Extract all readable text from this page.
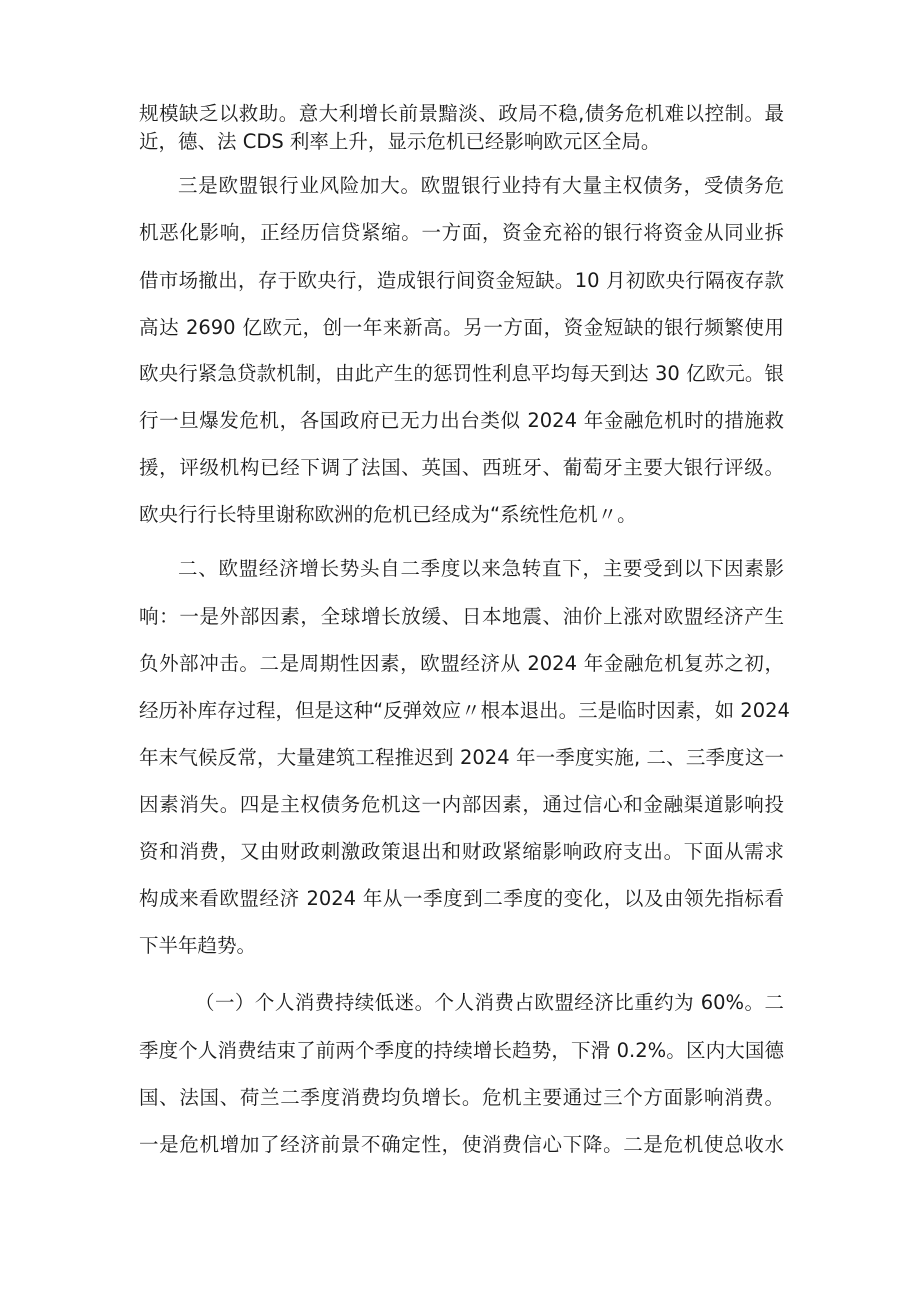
规模缺乏以救助。意大利增长前景黯淡、政局不稳,债务危机难以控制。最
近，德、法 CDS 利率上升，显示危机已经影响欧元区全局。
三是欧盟银行业风险加大。欧盟银行业持有大量主权债务，受债务危
机恶化影响，正经历信贷紧缩。一方面，资金充裕的银行将资金从同业拆
借市场撤出，存于欧央行，造成银行间资金短缺。10 月初欧央行隔夜存款
高达 2690 亿欧元，创一年来新高。另一方面，资金短缺的银行频繁使用
欧央行紧急贷款机制，由此产生的惩罚性利息平均每天到达 30 亿欧元。银
行一旦爆发危机，各国政府已无力出台类似 2024 年金融危机时的措施救
援，评级机构已经下调了法国、英国、西班牙、葡萄牙主要大银行评级。
欧央行行长特里谢称欧洲的危机已经成为“系统性危机〃。
二、欧盟经济增长势头自二季度以来急转直下，主要受到以下因素影
响：一是外部因素，全球增长放缓、日本地震、油价上涨对欧盟经济产生
负外部冲击。二是周期性因素，欧盟经济从 2024 年金融危机复苏之初，
经历补库存过程，但是这种“反弹效应〃根本退出。三是临时因素，如 2024
年末气候反常，大量建筑工程推迟到 2024 年一季度实施, 二、三季度这一
因素消失。四是主权债务危机这一内部因素，通过信心和金融渠道影响投
资和消费，又由财政刺激政策退出和财政紧缩影响政府支出。下面从需求
构成来看欧盟经济 2024 年从一季度到二季度的变化，以及由领先指标看
下半年趋势。
（一）个人消费持续低迷。个人消费占欧盟经济比重约为 60%。二
季度个人消费结束了前两个季度的持续增长趋势，下滑 0.2%。区内大国德
国、法国、荷兰二季度消费均负增长。危机主要通过三个方面影响消费。
一是危机增加了经济前景不确定性，使消费信心下降。二是危机使总收水
